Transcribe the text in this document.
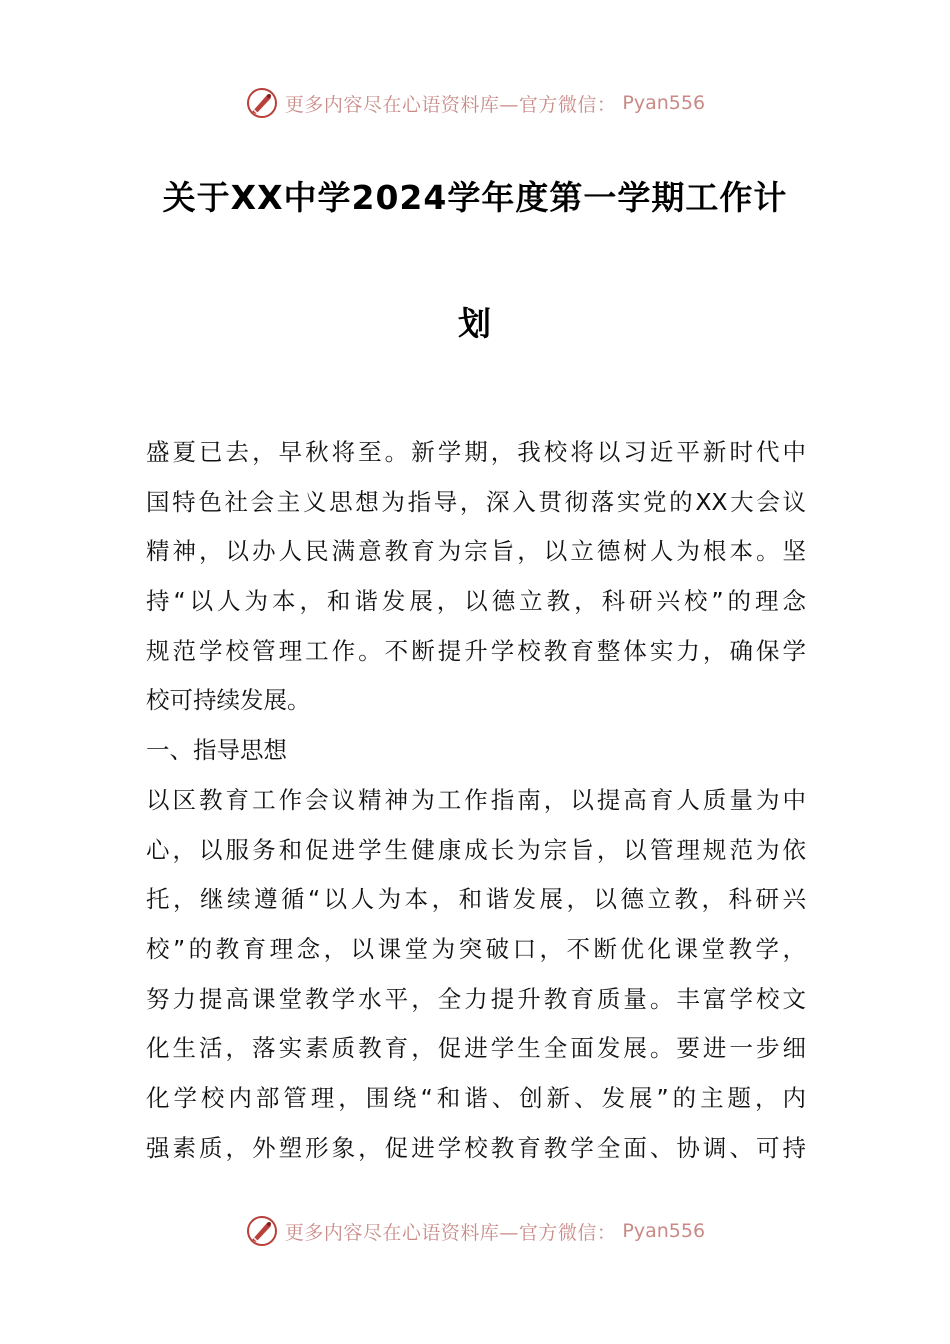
更多内容尽在心语资料库—官方微信： Pyan556
关于XX中学2024学年度第一学期工作计
划
盛夏已去，早秋将至。新学期，我校将以习近平新时代中
国特色社会主义思想为指导，深入贯彻落实党的XX大会议
精神，以办人民满意教育为宗旨，以立德树人为根本。坚
持“以人为本，和谐发展，以德立教，科研兴校”的理念
规范学校管理工作。不断提升学校教育整体实力，确保学
校可持续发展。
一、指导思想
以区教育工作会议精神为工作指南，以提高育人质量为中
心，以服务和促进学生健康成长为宗旨，以管理规范为依
托，继续遵循“以人为本，和谐发展，以德立教，科研兴
校”的教育理念，以课堂为突破口，不断优化课堂教学，
努力提高课堂教学水平，全力提升教育质量。丰富学校文
化生活，落实素质教育，促进学生全面发展。要进一步细
化学校内部管理，围绕“和谐、创新、发展”的主题，内
强素质，外塑形象，促进学校教育教学全面、协调、可持
更多内容尽在心语资料库—官方微信： Pyan556
